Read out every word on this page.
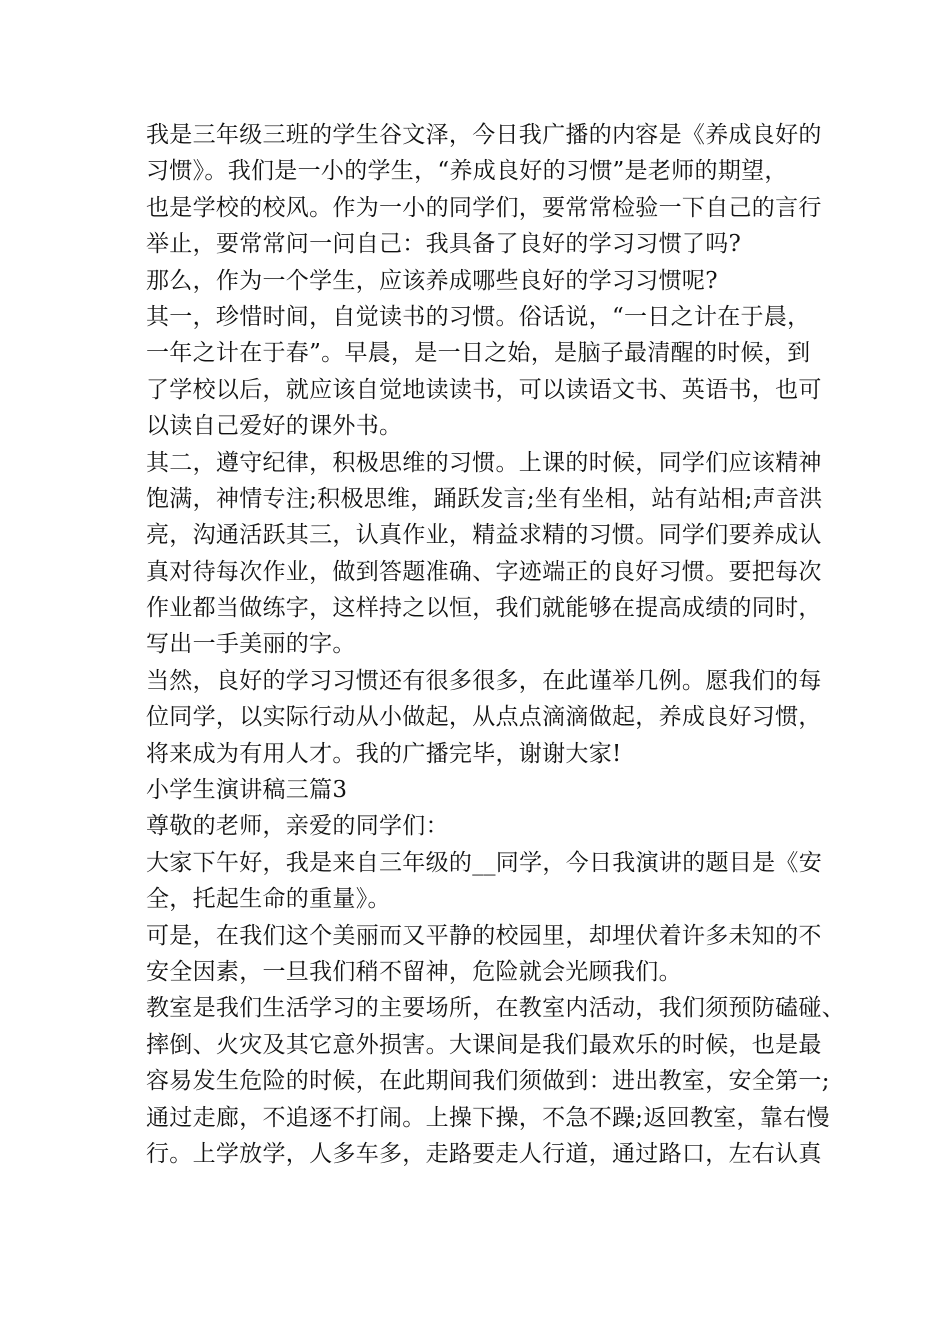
我是三年级三班的学生谷文泽，今日我广播的内容是《养成良好的
习惯》。我们是一小的学生，“养成良好的习惯”是老师的期望，
也是学校的校风。作为一小的同学们，要常常检验一下自己的言行
举止，要常常问一问自己：我具备了良好的学习习惯了吗?
那么，作为一个学生，应该养成哪些良好的学习习惯呢?
其一，珍惜时间，自觉读书的习惯。俗话说，“一日之计在于晨，
一年之计在于春”。早晨，是一日之始，是脑子最清醒的时候，到
了学校以后，就应该自觉地读读书，可以读语文书、英语书，也可
以读自己爱好的课外书。
其二，遵守纪律，积极思维的习惯。上课的时候，同学们应该精神
饱满，神情专注;积极思维，踊跃发言;坐有坐相，站有站相;声音洪
亮，沟通活跃其三，认真作业，精益求精的习惯。同学们要养成认
真对待每次作业，做到答题准确、字迹端正的良好习惯。要把每次
作业都当做练字，这样持之以恒，我们就能够在提高成绩的同时，
写出一手美丽的字。
当然，良好的学习习惯还有很多很多，在此谨举几例。愿我们的每
位同学，以实际行动从小做起，从点点滴滴做起，养成良好习惯，
将来成为有用人才。我的广播完毕，谢谢大家!
小学生演讲稿三篇3
尊敬的老师，亲爱的同学们：
大家下午好，我是来自三年级的__同学，今日我演讲的题目是《安
全，托起生命的重量》。
可是，在我们这个美丽而又平静的校园里，却埋伏着许多未知的不
安全因素，一旦我们稍不留神，危险就会光顾我们。
教室是我们生活学习的主要场所，在教室内活动，我们须预防磕碰、
摔倒、火灾及其它意外损害。大课间是我们最欢乐的时候，也是最
容易发生危险的时候，在此期间我们须做到：进出教室，安全第一;
通过走廊，不追逐不打闹。上操下操，不急不躁;返回教室，靠右慢
行。上学放学，人多车多，走路要走人行道，通过路口，左右认真
